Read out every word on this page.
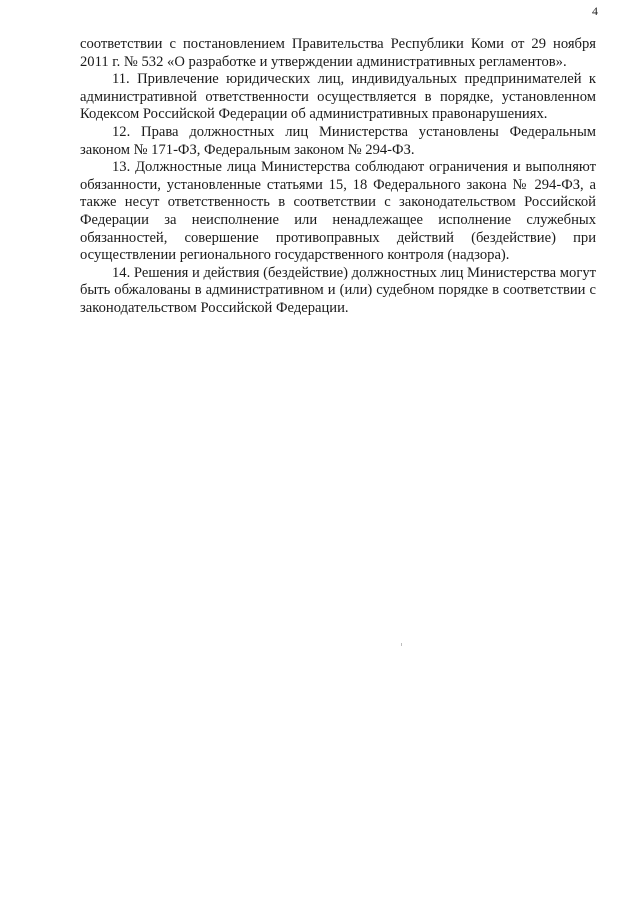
4

соответствии с постановлением Правительства Республики Коми от 29 ноября 2011 г. № 532 «О разработке и утверждении административных регламентов».

11. Привлечение юридических лиц, индивидуальных предпринимателей к административной ответственности осуществляется в порядке, установленном Кодексом Российской Федерации об административных правонарушениях.

12. Права должностных лиц Министерства установлены Федеральным законом № 171-ФЗ, Федеральным законом № 294-ФЗ.

13. Должностные лица Министерства соблюдают ограничения и выполняют обязанности, установленные статьями 15, 18 Федерального закона № 294-ФЗ, а также несут ответственность в соответствии с законодательством Российской Федерации за неисполнение или ненадлежащее исполнение служебных обязанностей, совершение противоправных действий (бездействие) при осуществлении регионального государственного контроля (надзора).

14. Решения и действия (бездействие) должностных лиц Министерства могут быть обжалованы в административном и (или) судебном порядке в соответствии с законодательством Российской Федерации.
